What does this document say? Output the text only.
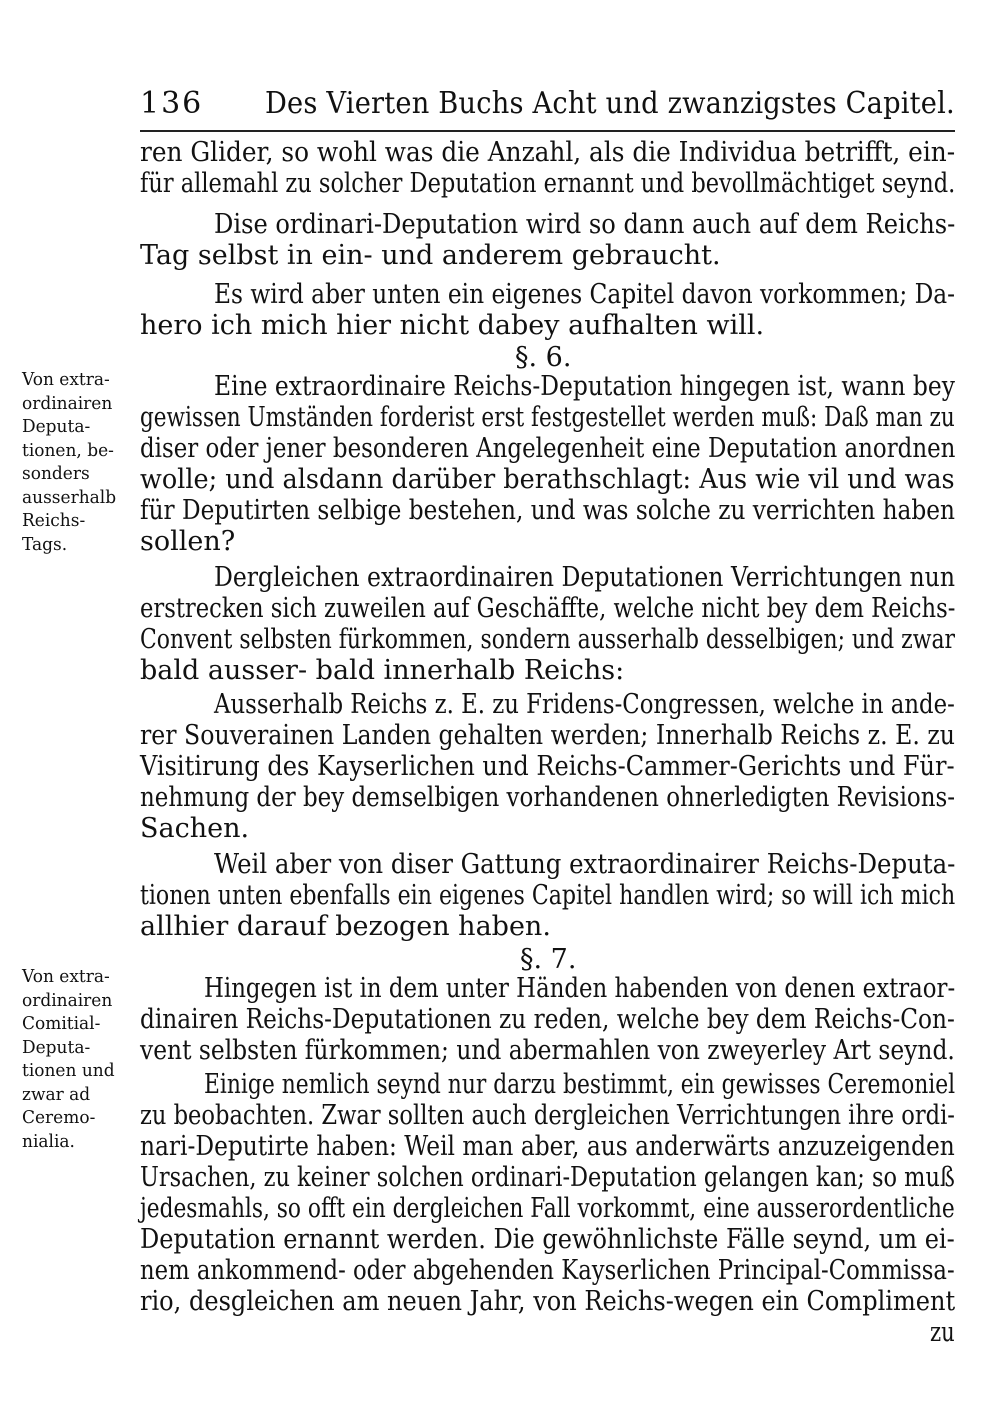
136 Des Vierten Buchs Acht und zwanzigstes Capitel.
ren Glider, so wohl was die Anzahl, als die Individua betrifft, ein-
für allemahl zu solcher Deputation ernannt und bevollmächtiget seynd.
Dise ordinari-Deputation wird so dann auch auf dem Reichs-
Tag selbst in ein- und anderem gebraucht.
Es wird aber unten ein eigenes Capitel davon vorkommen; Da-
hero ich mich hier nicht dabey aufhalten will.
§. 6.
Eine extraordinaire Reichs-Deputation hingegen ist, wann bey
gewissen Umständen forderist erst festgestellet werden muß: Daß man zu
diser oder jener besonderen Angelegenheit eine Deputation anordnen
wolle; und alsdann darüber berathschlagt: Aus wie vil und was
für Deputirten selbige bestehen, und was solche zu verrichten haben
sollen?
Dergleichen extraordinairen Deputationen Verrichtungen nun
erstrecken sich zuweilen auf Geschäffte, welche nicht bey dem Reichs-
Convent selbsten fürkommen, sondern ausserhalb desselbigen; und zwar
bald ausser- bald innerhalb Reichs:
Ausserhalb Reichs z. E. zu Fridens-Congressen, welche in ande-
rer Souverainen Landen gehalten werden; Innerhalb Reichs z. E. zu
Visitirung des Kayserlichen und Reichs-Cammer-Gerichts und Für-
nehmung der bey demselbigen vorhandenen ohnerledigten Revisions-
Sachen.
Weil aber von diser Gattung extraordinairer Reichs-Deputa-
tionen unten ebenfalls ein eigenes Capitel handlen wird; so will ich mich
allhier darauf bezogen haben.
§. 7.
Hingegen ist in dem unter Händen habenden von denen extraor-
dinairen Reichs-Deputationen zu reden, welche bey dem Reichs-Con-
vent selbsten fürkommen; und abermahlen von zweyerley Art seynd.
Einige nemlich seynd nur darzu bestimmt, ein gewisses Ceremoniel
zu beobachten. Zwar sollten auch dergleichen Verrichtungen ihre ordi-
nari-Deputirte haben: Weil man aber, aus anderwärts anzuzeigenden
Ursachen, zu keiner solchen ordinari-Deputation gelangen kan; so muß
jedesmahls, so offt ein dergleichen Fall vorkommt, eine ausserordentliche
Deputation ernannt werden. Die gewöhnlichste Fälle seynd, um ei-
nem ankommend- oder abgehenden Kayserlichen Principal-Commissa-
rio, desgleichen am neuen Jahr, von Reichs-wegen ein Compliment
zu
Von extra-
ordinairen
Deputa-
tionen, be-
sonders
ausserhalb
Reichs-
Tags.
Von extra-
ordinairen
Comitial-
Deputa-
tionen und
zwar ad
Ceremo-
nialia.
